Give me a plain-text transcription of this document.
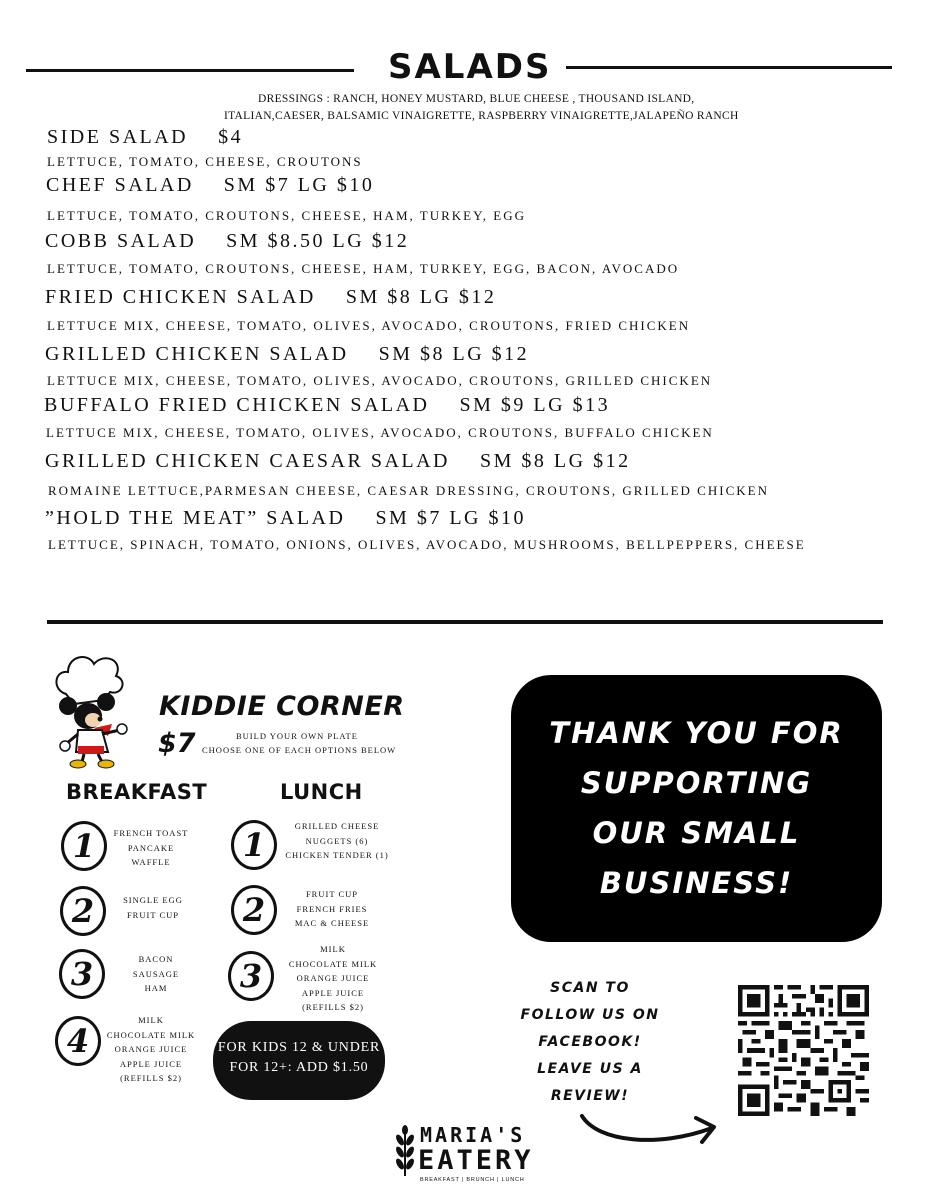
SALADS
DRESSINGS : RANCH, HONEY MUSTARD, BLUE CHEESE , THOUSAND ISLAND,
ITALIAN,CAESER, BALSAMIC VINAIGRETTE, RASPBERRY VINAIGRETTE,JALAPEÑO RANCH
SIDE SALAD $4
LETTUCE, TOMATO, CHEESE, CROUTONS
CHEF SALAD SM $7 LG $10
LETTUCE, TOMATO, CROUTONS, CHEESE, HAM, TURKEY, EGG
COBB SALAD SM $8.50 LG $12
LETTUCE, TOMATO, CROUTONS, CHEESE, HAM, TURKEY, EGG, BACON, AVOCADO
FRIED CHICKEN SALAD SM $8 LG $12
LETTUCE MIX, CHEESE, TOMATO, OLIVES, AVOCADO, CROUTONS, FRIED CHICKEN
GRILLED CHICKEN SALAD SM $8 LG $12
LETTUCE MIX, CHEESE, TOMATO, OLIVES, AVOCADO, CROUTONS, GRILLED CHICKEN
BUFFALO FRIED CHICKEN SALAD SM $9 LG $13
LETTUCE MIX, CHEESE, TOMATO, OLIVES, AVOCADO, CROUTONS, BUFFALO CHICKEN
GRILLED CHICKEN CAESAR SALAD SM $8 LG $12
ROMAINE LETTUCE,PARMESAN CHEESE, CAESAR DRESSING, CROUTONS, GRILLED CHICKEN
”HOLD THE MEAT” SALAD SM $7 LG $10
LETTUCE, SPINACH, TOMATO, ONIONS, OLIVES, AVOCADO, MUSHROOMS, BELLPEPPERS, CHEESE
KIDDIE CORNER
$7	BUILD YOUR OWN PLATE
CHOOSE ONE OF EACH OPTIONS BELOW
BREAKFAST	LUNCH
1	FRENCH TOAST
PANCAKE
WAFFLE
2	SINGLE EGG
FRUIT CUP
3	BACON
SAUSAGE
HAM
4
MILK
CHOCOLATE MILK
ORANGE JUICE
APPLE JUICE
(REFILLS $2)
1	GRILLED CHEESE
NUGGETS (6)
CHICKEN TENDER (1)
2	FRUIT CUP
FRENCH FRIES
MAC & CHEESE
3
MILK
CHOCOLATE MILK
ORANGE JUICE
APPLE JUICE
(REFILLS $2)
FOR KIDS 12 & UNDER
FOR 12+: ADD $1.50
THANK YOU FOR
SUPPORTING
OUR SMALL
BUSINESS!
SCAN TO
FOLLOW US ON
FACEBOOK!
LEAVE US A
REVIEW!
MARIA'S
EATERY
BREAKFAST | BRUNCH | LUNCH
